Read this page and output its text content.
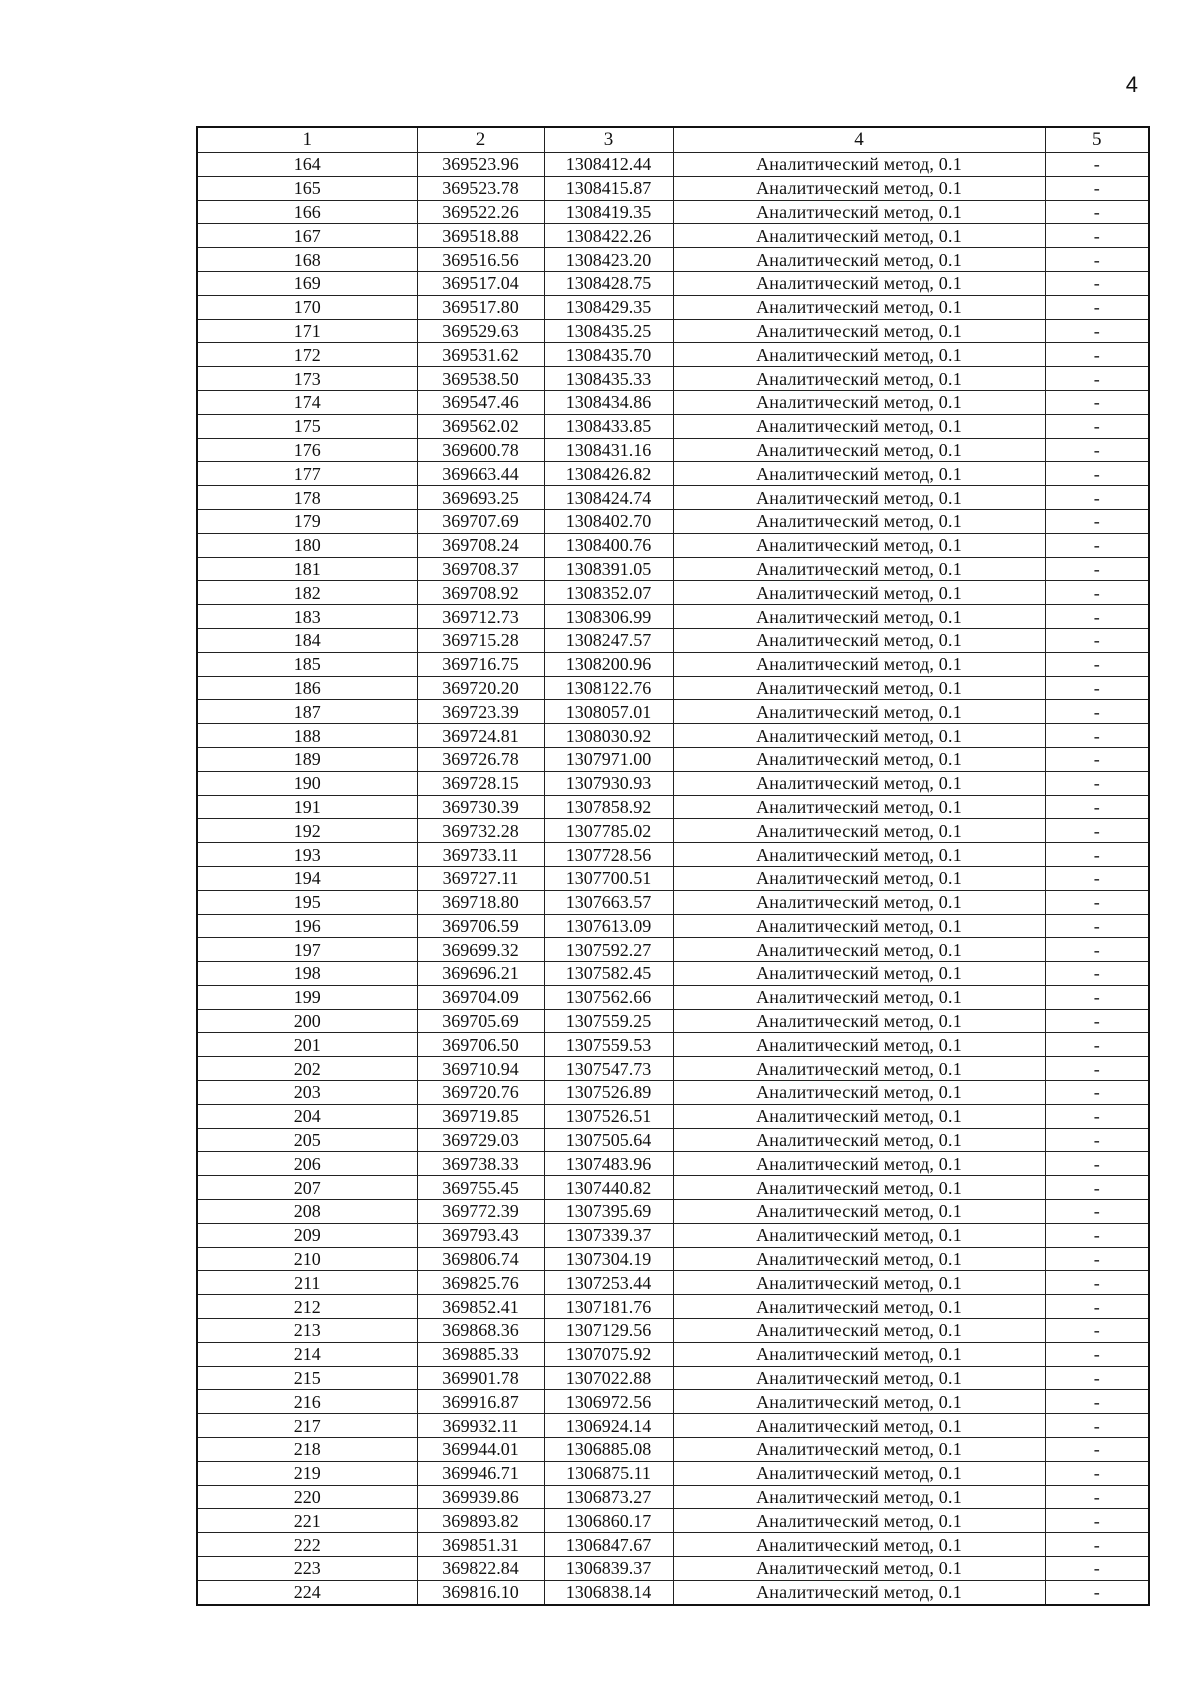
4
1	2	3	4	5
164	369523.96	1308412.44	Аналитический метод, 0.1	-
165	369523.78	1308415.87	Аналитический метод, 0.1	-
166	369522.26	1308419.35	Аналитический метод, 0.1	-
167	369518.88	1308422.26	Аналитический метод, 0.1	-
168	369516.56	1308423.20	Аналитический метод, 0.1	-
169	369517.04	1308428.75	Аналитический метод, 0.1	-
170	369517.80	1308429.35	Аналитический метод, 0.1	-
171	369529.63	1308435.25	Аналитический метод, 0.1	-
172	369531.62	1308435.70	Аналитический метод, 0.1	-
173	369538.50	1308435.33	Аналитический метод, 0.1	-
174	369547.46	1308434.86	Аналитический метод, 0.1	-
175	369562.02	1308433.85	Аналитический метод, 0.1	-
176	369600.78	1308431.16	Аналитический метод, 0.1	-
177	369663.44	1308426.82	Аналитический метод, 0.1	-
178	369693.25	1308424.74	Аналитический метод, 0.1	-
179	369707.69	1308402.70	Аналитический метод, 0.1	-
180	369708.24	1308400.76	Аналитический метод, 0.1	-
181	369708.37	1308391.05	Аналитический метод, 0.1	-
182	369708.92	1308352.07	Аналитический метод, 0.1	-
183	369712.73	1308306.99	Аналитический метод, 0.1	-
184	369715.28	1308247.57	Аналитический метод, 0.1	-
185	369716.75	1308200.96	Аналитический метод, 0.1	-
186	369720.20	1308122.76	Аналитический метод, 0.1	-
187	369723.39	1308057.01	Аналитический метод, 0.1	-
188	369724.81	1308030.92	Аналитический метод, 0.1	-
189	369726.78	1307971.00	Аналитический метод, 0.1	-
190	369728.15	1307930.93	Аналитический метод, 0.1	-
191	369730.39	1307858.92	Аналитический метод, 0.1	-
192	369732.28	1307785.02	Аналитический метод, 0.1	-
193	369733.11	1307728.56	Аналитический метод, 0.1	-
194	369727.11	1307700.51	Аналитический метод, 0.1	-
195	369718.80	1307663.57	Аналитический метод, 0.1	-
196	369706.59	1307613.09	Аналитический метод, 0.1	-
197	369699.32	1307592.27	Аналитический метод, 0.1	-
198	369696.21	1307582.45	Аналитический метод, 0.1	-
199	369704.09	1307562.66	Аналитический метод, 0.1	-
200	369705.69	1307559.25	Аналитический метод, 0.1	-
201	369706.50	1307559.53	Аналитический метод, 0.1	-
202	369710.94	1307547.73	Аналитический метод, 0.1	-
203	369720.76	1307526.89	Аналитический метод, 0.1	-
204	369719.85	1307526.51	Аналитический метод, 0.1	-
205	369729.03	1307505.64	Аналитический метод, 0.1	-
206	369738.33	1307483.96	Аналитический метод, 0.1	-
207	369755.45	1307440.82	Аналитический метод, 0.1	-
208	369772.39	1307395.69	Аналитический метод, 0.1	-
209	369793.43	1307339.37	Аналитический метод, 0.1	-
210	369806.74	1307304.19	Аналитический метод, 0.1	-
211	369825.76	1307253.44	Аналитический метод, 0.1	-
212	369852.41	1307181.76	Аналитический метод, 0.1	-
213	369868.36	1307129.56	Аналитический метод, 0.1	-
214	369885.33	1307075.92	Аналитический метод, 0.1	-
215	369901.78	1307022.88	Аналитический метод, 0.1	-
216	369916.87	1306972.56	Аналитический метод, 0.1	-
217	369932.11	1306924.14	Аналитический метод, 0.1	-
218	369944.01	1306885.08	Аналитический метод, 0.1	-
219	369946.71	1306875.11	Аналитический метод, 0.1	-
220	369939.86	1306873.27	Аналитический метод, 0.1	-
221	369893.82	1306860.17	Аналитический метод, 0.1	-
222	369851.31	1306847.67	Аналитический метод, 0.1	-
223	369822.84	1306839.37	Аналитический метод, 0.1	-
224	369816.10	1306838.14	Аналитический метод, 0.1	-
